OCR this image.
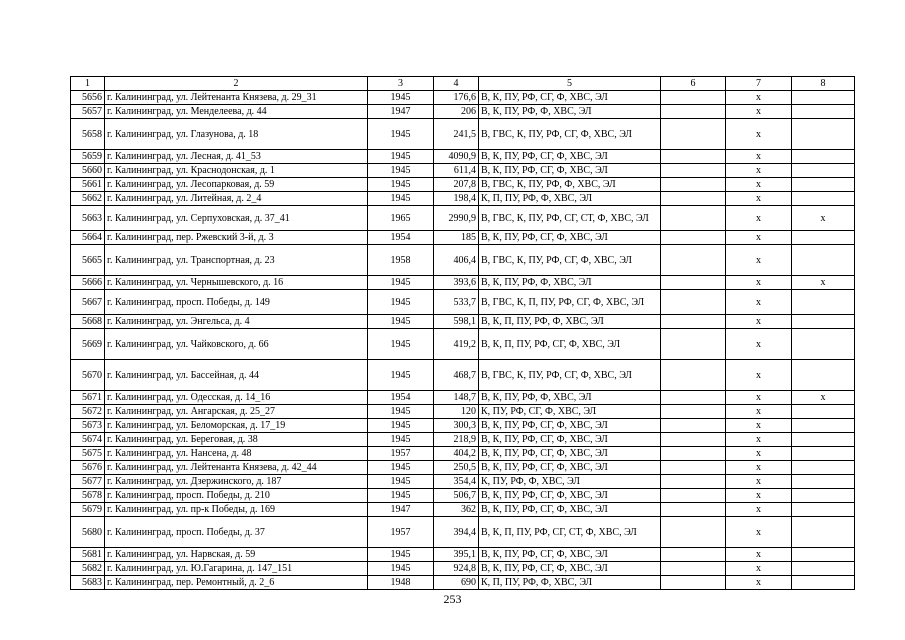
1	2	3	4	5	6	7	8
5656	г. Калининград, ул. Лейтенанта Князева, д. 29_31	1945	176,6	В, К, ПУ, РФ, СГ, Ф, ХВС, ЭЛ		x	
5657	г. Калининград, ул. Менделеева, д. 44	1947	206	В, К, ПУ, РФ, Ф, ХВС, ЭЛ		x	
5658	г. Калининград, ул. Глазунова, д. 18	1945	241,5	В, ГВС, К, ПУ, РФ, СГ, Ф, ХВС, ЭЛ		x	
5659	г. Калининград, ул. Лесная, д. 41_53	1945	4090,9	В, К, ПУ, РФ, СГ, Ф, ХВС, ЭЛ		x	
5660	г. Калининград, ул. Краснодонская, д. 1	1945	611,4	В, К, ПУ, РФ, СГ, Ф, ХВС, ЭЛ		x	
5661	г. Калининград, ул. Лесопарковая, д. 59	1945	207,8	В, ГВС, К, ПУ, РФ, Ф, ХВС, ЭЛ		x	
5662	г. Калининград, ул. Литейная, д. 2_4	1945	198,4	К, П, ПУ, РФ, Ф, ХВС, ЭЛ		x	
5663	г. Калининград, ул. Серпуховская, д. 37_41	1965	2990,9	В, ГВС, К, ПУ, РФ, СГ, СТ, Ф, ХВС, ЭЛ		x	x
5664	г. Калининград, пер. Ржевский 3-й, д. 3	1954	185	В, К, ПУ, РФ, СГ, Ф, ХВС, ЭЛ		x	
5665	г. Калининград, ул. Транспортная, д. 23	1958	406,4	В, ГВС, К, ПУ, РФ, СГ, Ф, ХВС, ЭЛ		x	
5666	г. Калининград, ул. Чернышевского, д. 16	1945	393,6	В, К, ПУ, РФ, Ф, ХВС, ЭЛ		x	x
5667	г. Калининград, просп. Победы, д. 149	1945	533,7	В, ГВС, К, П, ПУ, РФ, СГ, Ф, ХВС, ЭЛ		x	
5668	г. Калининград, ул. Энгельса, д. 4	1945	598,1	В, К, П, ПУ, РФ, Ф, ХВС, ЭЛ		x	
5669	г. Калининград, ул. Чайковского, д. 66	1945	419,2	В, К, П, ПУ, РФ, СГ, Ф, ХВС, ЭЛ		x	
5670	г. Калининград, ул. Бассейная, д. 44	1945	468,7	В, ГВС, К, ПУ, РФ, СГ, Ф, ХВС, ЭЛ		x	
5671	г. Калининград, ул. Одесская, д. 14_16	1954	148,7	В, К, ПУ, РФ, Ф, ХВС, ЭЛ		x	x
5672	г. Калининград, ул. Ангарская, д. 25_27	1945	120	К, ПУ, РФ, СГ, Ф, ХВС, ЭЛ		x	
5673	г. Калининград, ул. Беломорская, д. 17_19	1945	300,3	В, К, ПУ, РФ, СГ, Ф, ХВС, ЭЛ		x	
5674	г. Калининград, ул. Береговая, д. 38	1945	218,9	В, К, ПУ, РФ, СГ, Ф, ХВС, ЭЛ		x	
5675	г. Калининград, ул. Нансена, д. 48	1957	404,2	В, К, ПУ, РФ, СГ, Ф, ХВС, ЭЛ		x	
5676	г. Калининград, ул. Лейтенанта Князева, д. 42_44	1945	250,5	В, К, ПУ, РФ, СГ, Ф, ХВС, ЭЛ		x	
5677	г. Калининград, ул. Дзержинского, д. 187	1945	354,4	К, ПУ, РФ, Ф, ХВС, ЭЛ		x	
5678	г. Калининград, просп. Победы, д. 210	1945	506,7	В, К, ПУ, РФ, СГ, Ф, ХВС, ЭЛ		x	
5679	г. Калининград, ул. пр-к Победы, д. 169	1947	362	В, К, ПУ, РФ, СГ, Ф, ХВС, ЭЛ		x	
5680	г. Калининград, просп. Победы, д. 37	1957	394,4	В, К, П, ПУ, РФ, СГ, СТ, Ф, ХВС, ЭЛ		x	
5681	г. Калининград, ул. Нарвская, д. 59	1945	395,1	В, К, ПУ, РФ, СГ, Ф, ХВС, ЭЛ		x	
5682	г. Калининград, ул. Ю.Гагарина, д. 147_151	1945	924,8	В, К, ПУ, РФ, СГ, Ф, ХВС, ЭЛ		x	
5683	г. Калининград, пер. Ремонтный, д. 2_6	1948	690	К, П, ПУ, РФ, Ф, ХВС, ЭЛ		x	
253
